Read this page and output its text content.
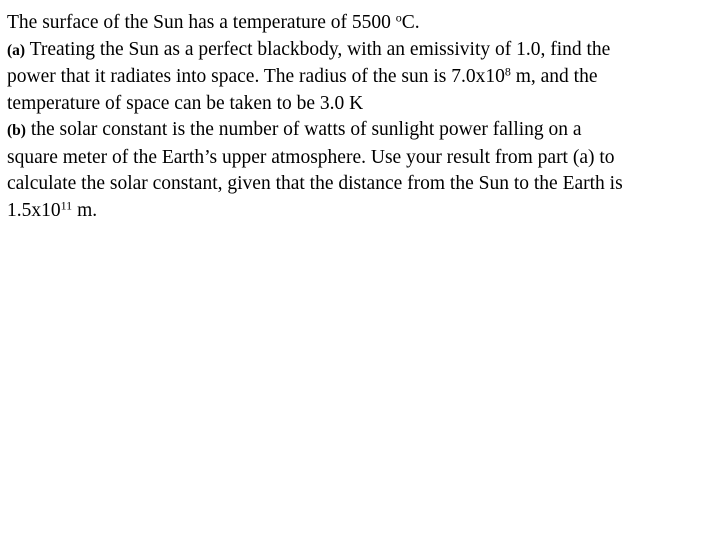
The surface of the Sun has a temperature of 5500 $^o$C.
(a) Treating the Sun as a perfect blackbody, with an emissivity of 1.0, find the
power that it radiates into space. The radius of the sun is $7.0x10^8$ m, and the
temperature of space can be taken to be 3.0 K
(b) the solar constant is the number of watts of sunlight power falling on a
square meter of the Earth’s upper atmosphere. Use your result from part (a) to
calculate the solar constant, given that the distance from the Sun to the Earth is
$1.5x10^{11}$ m.
